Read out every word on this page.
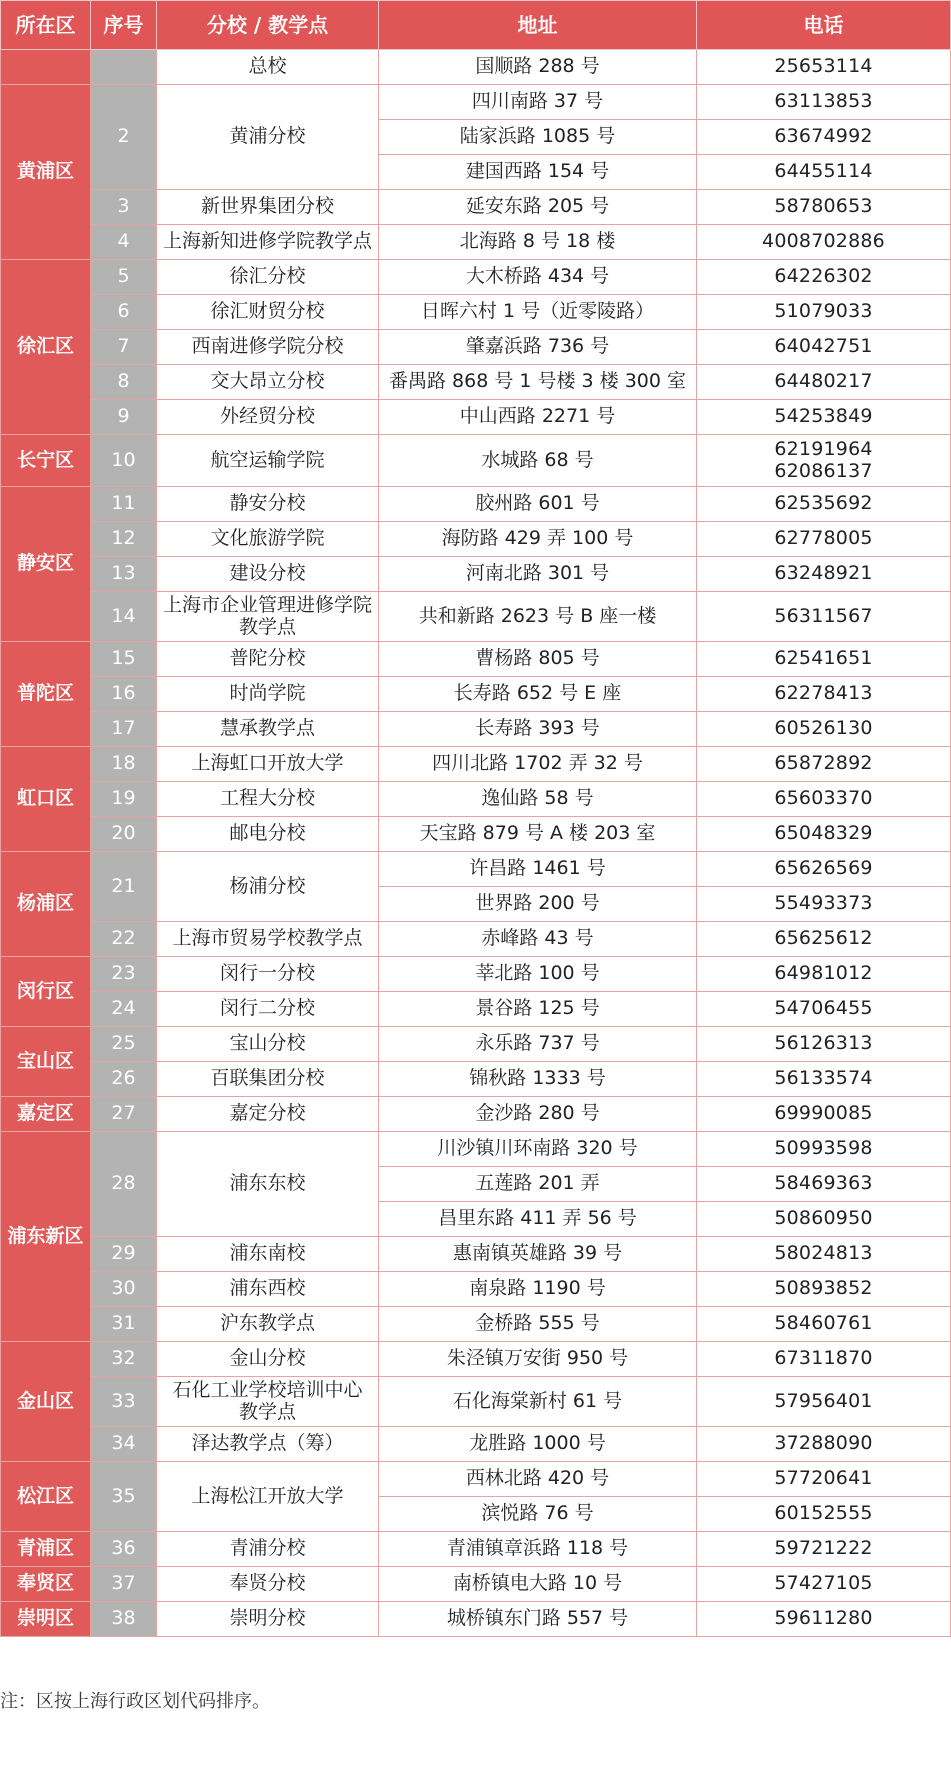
所在区	序号	分校 / 教学点	地址	电话
		总校	国顺路 288 号	25653114
黄浦区	2	黄浦分校	四川南路 37 号	63113853
			陆家浜路 1085 号	63674992
			建国西路 154 号	64455114
	3	新世界集团分校	延安东路 205 号	58780653
	4	上海新知进修学院教学点	北海路 8 号 18 楼	4008702886
徐汇区	5	徐汇分校	大木桥路 434 号	64226302
	6	徐汇财贸分校	日晖六村 1 号（近零陵路）	51079033
	7	西南进修学院分校	肇嘉浜路 736 号	64042751
	8	交大昂立分校	番禺路 868 号 1 号楼 3 楼 300 室	64480217
	9	外经贸分校	中山西路 2271 号	54253849
长宁区	10	航空运输学院	水城路 68 号	62191964
62086137

静安区	11	静安分校	胶州路 601 号	62535692
	12	文化旅游学院	海防路 429 弄 100 号	62778005
	13	建设分校	河南北路 301 号	63248921
	14	上海市企业管理进修学院
教学点	共和新路 2623 号 B 座一楼	56311567
普陀区	15	普陀分校	曹杨路 805 号	62541651
	16	时尚学院	长寿路 652 号 E 座	62278413
	17	慧承教学点	长寿路 393 号	60526130
虹口区	18	上海虹口开放大学	四川北路 1702 弄 32 号	65872892
	19	工程大分校	逸仙路 58 号	65603370
	20	邮电分校	天宝路 879 号 A 楼 203 室	65048329
杨浦区	21	杨浦分校	许昌路 1461 号	65626569
			世界路 200 号	55493373
	22	上海市贸易学校教学点	赤峰路 43 号	65625612
闵行区	23	闵行一分校	莘北路 100 号	64981012
	24	闵行二分校	景谷路 125 号	54706455
宝山区	25	宝山分校	永乐路 737 号	56126313
	26	百联集团分校	锦秋路 1333 号	56133574
嘉定区	27	嘉定分校	金沙路 280 号	69990085
浦东新区	28	浦东东校	川沙镇川环南路 320 号	50993598
			五莲路 201 弄	58469363
			昌里东路 411 弄 56 号	50860950
	29	浦东南校	惠南镇英雄路 39 号	58024813
	30	浦东西校	南泉路 1190 号	50893852
	31	沪东教学点	金桥路 555 号	58460761
金山区	32	金山分校	朱泾镇万安街 950 号	67311870
	33	石化工业学校培训中心
教学点	石化海棠新村 61 号	57956401
	34	泽达教学点（筹）	龙胜路 1000 号	37288090
松江区	35	上海松江开放大学	西林北路 420 号	57720641
			滨悦路 76 号	60152555
青浦区	36	青浦分校	青浦镇章浜路 118 号	59721222
奉贤区	37	奉贤分校	南桥镇电大路 10 号	57427105
崇明区	38	崇明分校	城桥镇东门路 557 号	59611280
注：区按上海行政区划代码排序。
